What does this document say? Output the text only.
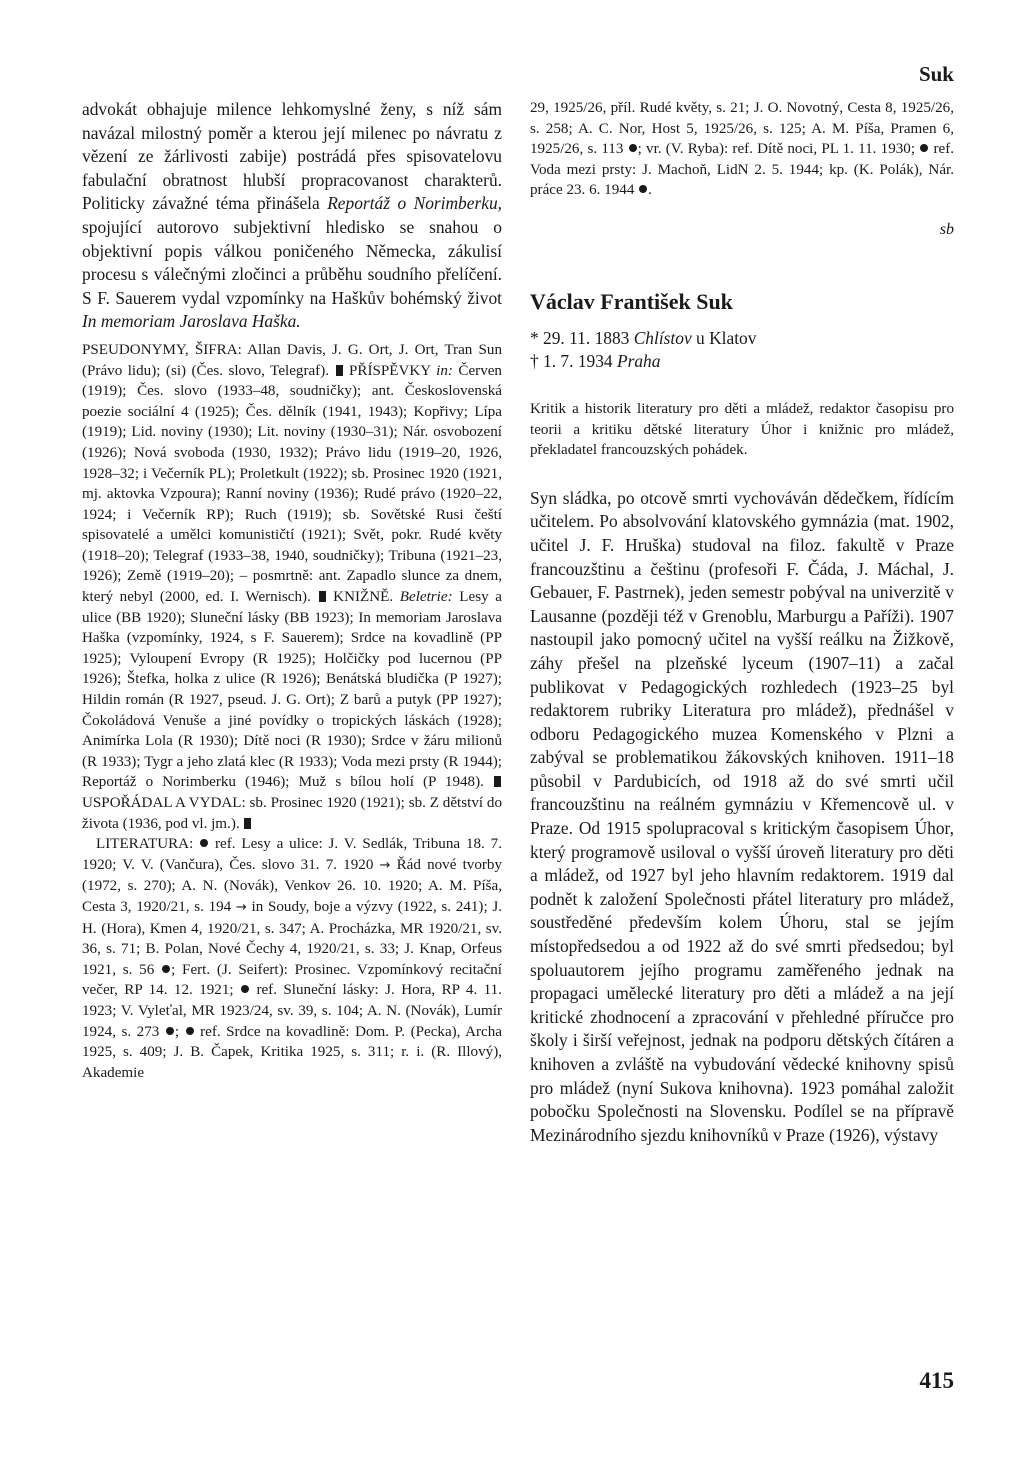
Suk

advokát obhajuje milence lehkomyslné ženy, s níž sám navázal milostný poměr a kterou její milenec po návratu z vězení ze žárlivosti zabije) postrádá přes spisovatelovu fabulační obratnost hlubší propracovanost charakterů. Politicky závažné téma přinášela Reportáž o Norimberku, spojující autorovo subjektivní hledisko se snahou o objektivní popis válkou poničeného Německa, zákulisí procesu s válečnými zločinci a průběhu soudního přelíčení. S F. Sauerem vydal vzpomínky na Haškův bohémský život In memoriam Jaroslava Haška.

PSEUDONYMY, ŠIFRA: Allan Davis, J. G. Ort, J. Ort, Tran Sun (Právo lidu); (si) (Čes. slovo, Telegraf).  PŘÍSPĚVKY in: Červen (1919); Čes. slovo (1933–48, soudničky); ant. Československá poezie sociální 4 (1925); Čes. dělník (1941, 1943); Kopřivy; Lípa (1919); Lid. noviny (1930); Lit. noviny (1930–31); Nár. osvobození (1926); Nová svoboda (1930, 1932); Právo lidu (1919–20, 1926, 1928–32; i Večerník PL); Proletkult (1922); sb. Prosinec 1920 (1921, mj. aktovka Vzpoura); Ranní noviny (1936); Rudé právo (1920–22, 1924; i Večerník RP); Ruch (1919); sb. Sovětské Rusi čeští spisovatelé a umělci komunističtí (1921); Svět, pokr. Rudé květy (1918–20); Telegraf (1933–38, 1940, soudničky); Tribuna (1921–23, 1926); Země (1919–20); – posmrtně: ant. Zapadlo slunce za dnem, který nebyl (2000, ed. I. Wernisch).  KNIŽNĚ. Beletrie: Lesy a ulice (BB 1920); Sluneční lásky (BB 1923); In memoriam Jaroslava Haška (vzpomínky, 1924, s F. Sauerem); Srdce na kovadlině (PP 1925); Vyloupení Evropy (R 1925); Holčičky pod lucernou (PP 1926); Štefka, holka z ulice (R 1926); Benátská bludička (P 1927); Hildin román (R 1927, pseud. J. G. Ort); Z barů a putyk (PP 1927); Čokoládová Venuše a jiné povídky o tropických láskách (1928); Animírka Lola (R 1930); Dítě noci (R 1930); Srdce v žáru milionů (R 1933); Tygr a jeho zlatá klec (R 1933); Voda mezi prsty (R 1944); Reportáž o Norimberku (1946); Muž s bílou holí (P 1948).  USPOŘÁDAL A VYDAL: sb. Prosinec 1920 (1921); sb. Z dětství do života (1936, pod vl. jm.).

LITERATURA:  ref. Lesy a ulice: J. V. Sedlák, Tribuna 18. 7. 1920; V. V. (Vančura), Čes. slovo 31. 7. 1920 → Řád nové tvorby (1972, s. 270); A. N. (Novák), Venkov 26. 10. 1920; A. M. Píša, Cesta 3, 1920/21, s. 194 → in Soudy, boje a výzvy (1922, s. 241); J. H. (Hora), Kmen 4, 1920/21, s. 347; A. Procházka, MR 1920/21, sv. 36, s. 71; B. Polan, Nové Čechy 4, 1920/21, s. 33; J. Knap, Orfeus 1921, s. 56 ; Fert. (J. Seifert): Prosinec. Vzpomínkový recitační večer, RP 14. 12. 1921;  ref. Sluneční lásky: J. Hora, RP 4. 11. 1923; V. Vyleťal, MR 1923/24, sv. 39, s. 104; A. N. (Novák), Lumír 1924, s. 273 ;  ref. Srdce na kovadlině: Dom. P. (Pecka), Archa 1925, s. 409; J. B. Čapek, Kritika 1925, s. 311; r. i. (R. Illový), Akademie

29, 1925/26, příl. Rudé květy, s. 21; J. O. Novotný, Cesta 8, 1925/26, s. 258; A. C. Nor, Host 5, 1925/26, s. 125; A. M. Píša, Pramen 6, 1925/26, s. 113 ; vr. (V. Ryba): ref. Dítě noci, PL 1. 11. 1930;  ref. Voda mezi prsty: J. Machoň, LidN 2. 5. 1944; kp. (K. Polák), Nár. práce 23. 6. 1944 .

sb

Václav František Suk

* 29. 11. 1883 Chlístov u Klatov
† 1. 7. 1934 Praha

Kritik a historik literatury pro děti a mládež, redaktor časopisu pro teorii a kritiku dětské literatury Úhor i knižnic pro mládež, překladatel francouzských pohádek.

Syn sládka, po otcově smrti vychováván dědečkem, řídícím učitelem. Po absolvování klatovského gymnázia (mat. 1902, učitel J. F. Hruška) studoval na filoz. fakultě v Praze francouzštinu a češtinu (profesoři F. Čáda, J. Máchal, J. Gebauer, F. Pastrnek), jeden semestr pobýval na univerzitě v Lausanne (později též v Grenoblu, Marburgu a Paříži). 1907 nastoupil jako pomocný učitel na vyšší reálku na Žižkově, záhy přešel na plzeňské lyceum (1907–11) a začal publikovat v Pedagogických rozhledech (1923–25 byl redaktorem rubriky Literatura pro mládež), přednášel v odboru Pedagogického muzea Komenského v Plzni a zabýval se problematikou žákovských knihoven. 1911–18 působil v Pardubicích, od 1918 až do své smrti učil francouzštinu na reálném gymnáziu v Křemencově ul. v Praze. Od 1915 spolupracoval s kritickým časopisem Úhor, který programově usiloval o vyšší úroveň literatury pro děti a mládež, od 1927 byl jeho hlavním redaktorem. 1919 dal podnět k založení Společnosti přátel literatury pro mládež, soustředěné především kolem Úhoru, stal se jejím místopředsedou a od 1922 až do své smrti předsedou; byl spoluautorem jejího programu zaměřeného jednak na propagaci umělecké literatury pro děti a mládež a na její kritické zhodnocení a zpracování v přehledné příručce pro školy i širší veřejnost, jednak na podporu dětských čítáren a knihoven a zvláště na vybudování vědecké knihovny spisů pro mládež (nyní Sukova knihovna). 1923 pomáhal založit pobočku Společnosti na Slovensku. Podílel se na přípravě Mezinárodního sjezdu knihovníků v Praze (1926), výstavy

415
